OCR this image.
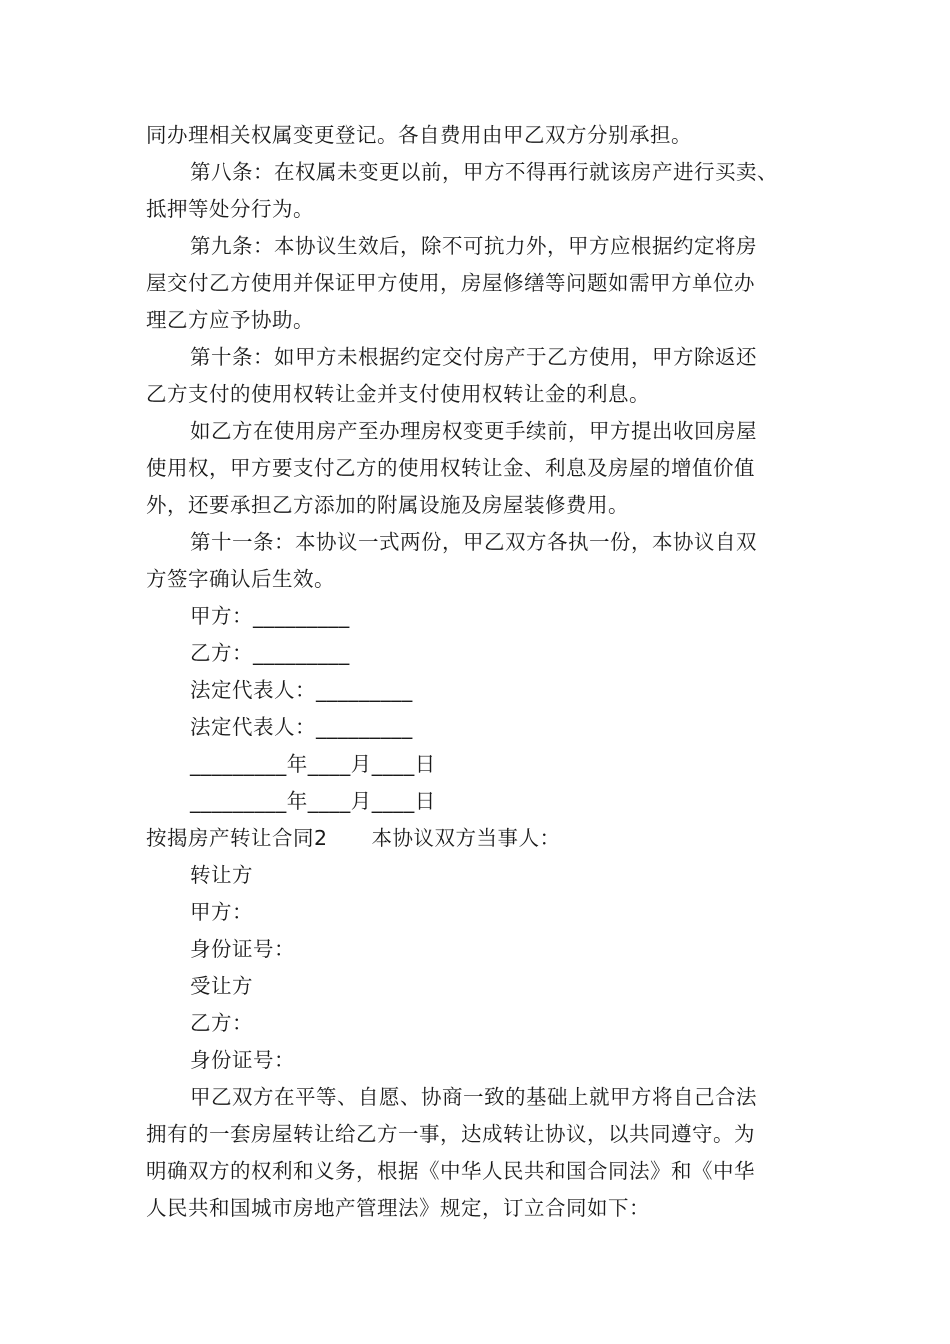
同办理相关权属变更登记。各自费用由甲乙双方分别承担。
第八条：在权属未变更以前，甲方不得再行就该房产进行买卖、
抵押等处分行为。
第九条：本协议生效后，除不可抗力外，甲方应根据约定将房
屋交付乙方使用并保证甲方使用，房屋修缮等问题如需甲方单位办
理乙方应予协助。
第十条：如甲方未根据约定交付房产于乙方使用，甲方除返还
乙方支付的使用权转让金并支付使用权转让金的利息。
如乙方在使用房产至办理房权变更手续前，甲方提出收回房屋
使用权，甲方要支付乙方的使用权转让金、利息及房屋的增值价值
外，还要承担乙方添加的附属设施及房屋装修费用。
第十一条：本协议一式两份，甲乙双方各执一份，本协议自双
方签字确认后生效。
甲方：_________
乙方：_________
法定代表人：_________
法定代表人：_________
_________年____月____日
_________年____月____日
按揭房产转让合同2 本协议双方当事人：
转让方
甲方：
身份证号：
受让方
乙方：
身份证号：
甲乙双方在平等、自愿、协商一致的基础上就甲方将自己合法
拥有的一套房屋转让给乙方一事，达成转让协议，以共同遵守。为
明确双方的权利和义务，根据《中华人民共和国合同法》和《中华
人民共和国城市房地产管理法》规定，订立合同如下：
